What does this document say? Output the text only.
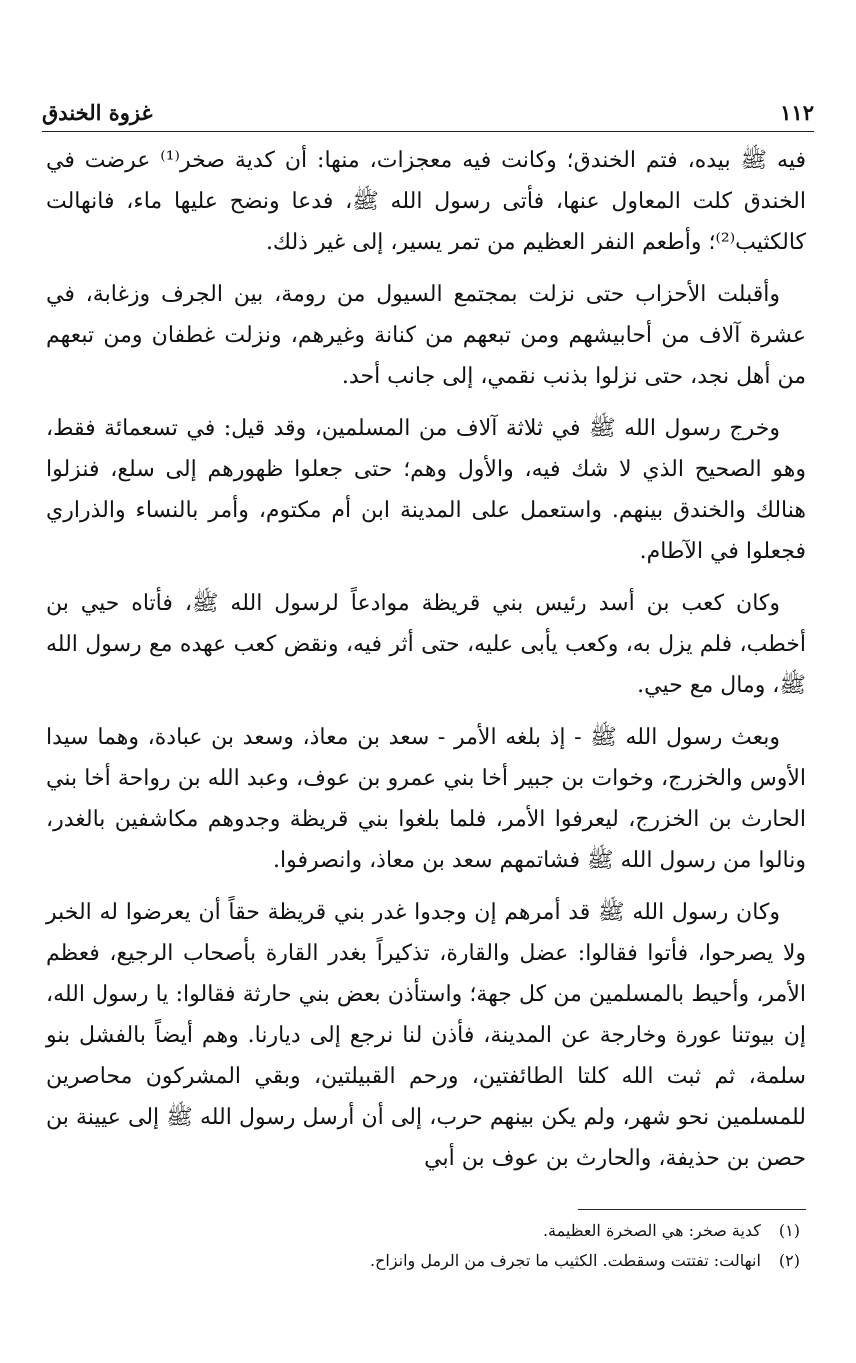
١١٢
غزوة الخندق

فيه ﷺ بيده، فتم الخندق؛ وكانت فيه معجزات، منها: أن كدية صخر⁽¹⁾ عرضت في الخندق كلت المعاول عنها، فأتى رسول الله ﷺ، فدعا ونضح عليها ماء، فانهالت كالكثيب⁽²⁾؛ وأطعم النفر العظيم من تمر يسير، إلى غير ذلك.

وأقبلت الأحزاب حتى نزلت بمجتمع السيول من رومة، بين الجرف وزغابة، في عشرة آلاف من أحابيشهم ومن تبعهم من كنانة وغيرهم، ونزلت غطفان ومن تبعهم من أهل نجد، حتى نزلوا بذنب نقمي، إلى جانب أحد.

وخرج رسول الله ﷺ في ثلاثة آلاف من المسلمين، وقد قيل: في تسعمائة فقط، وهو الصحيح الذي لا شك فيه، والأول وهم؛ حتى جعلوا ظهورهم إلى سلع، فنزلوا هنالك والخندق بينهم. واستعمل على المدينة ابن أم مكتوم، وأمر بالنساء والذراري فجعلوا في الآطام.

وكان كعب بن أسد رئيس بني قريظة موادعاً لرسول الله ﷺ، فأتاه حيي بن أخطب، فلم يزل به، وكعب يأبى عليه، حتى أثر فيه، ونقض كعب عهده مع رسول الله ﷺ، ومال مع حيي.

وبعث رسول الله ﷺ - إذ بلغه الأمر - سعد بن معاذ، وسعد بن عبادة، وهما سيدا الأوس والخزرج، وخوات بن جبير أخا بني عمرو بن عوف، وعبد الله بن رواحة أخا بني الحارث بن الخزرج، ليعرفوا الأمر، فلما بلغوا بني قريظة وجدوهم مكاشفين بالغدر، ونالوا من رسول الله ﷺ فشاتمهم سعد بن معاذ، وانصرفوا.

وكان رسول الله ﷺ قد أمرهم إن وجدوا غدر بني قريظة حقاً أن يعرضوا له الخبر ولا يصرحوا، فأتوا فقالوا: عضل والقارة، تذكيراً بغدر القارة بأصحاب الرجيع، فعظم الأمر، وأحيط بالمسلمين من كل جهة؛ واستأذن بعض بني حارثة فقالوا: يا رسول الله، إن بيوتنا عورة وخارجة عن المدينة، فأذن لنا نرجع إلى ديارنا. وهم أيضاً بالفشل بنو سلمة، ثم ثبت الله كلتا الطائفتين، ورحم القبيلتين، وبقي المشركون محاصرين للمسلمين نحو شهر، ولم يكن بينهم حرب، إلى أن أرسل رسول الله ﷺ إلى عيينة بن حصن بن حذيفة، والحارث بن عوف بن أبي

(١)
كدية صخر: هي الصخرة العظيمة.
(٢)
انهالت: تفتتت وسقطت. الكثيب ما تجرف من الرمل وانزاح.
